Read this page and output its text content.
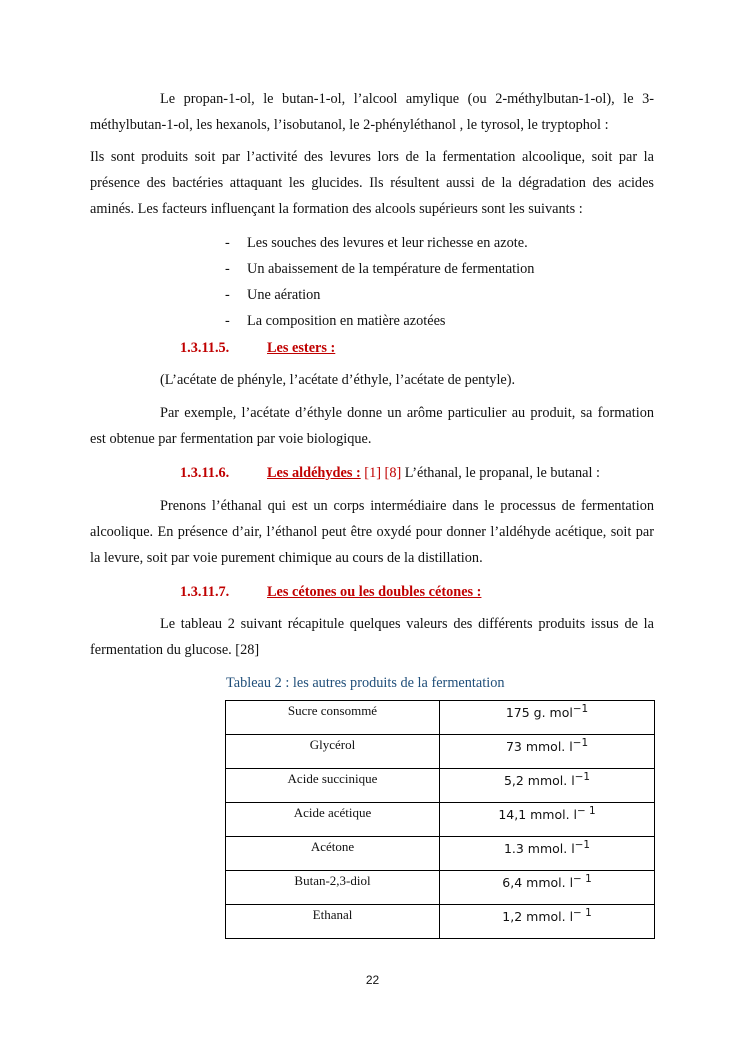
Le propan-1-ol, le butan-1-ol, l’alcool amylique (ou 2-méthylbutan-1-ol), le 3-méthylbutan-1-ol, les hexanols, l’isobutanol, le 2-phényléthanol , le tyrosol, le tryptophol :

Ils sont produits soit par l’activité des levures lors de la fermentation alcoolique, soit par la présence des bactéries attaquant les glucides. Ils résultent aussi de la dégradation des acides aminés. Les facteurs influençant la formation des alcools supérieurs sont les suivants :

- Les souches des levures et leur richesse en azote.
- Un abaissement de la température de fermentation
- Une aération
- La composition en matière azotées
1.3.11.5.	Les esters :

(L’acétate de phényle, l’acétate d’éthyle, l’acétate de pentyle).

Par exemple, l’acétate d’éthyle donne un arôme particulier au produit, sa formation est obtenue par fermentation par voie biologique.

1.3.11.6.	Les aldéhydes : [1] [8] L’éthanal, le propanal, le butanal :

Prenons l’éthanal qui est un corps intermédiaire dans le processus de fermentation alcoolique. En présence d’air, l’éthanol peut être oxydé pour donner l’aldéhyde acétique, soit par la levure, soit par voie purement chimique au cours de la distillation.

1.3.11.7.	Les cétones ou les doubles cétones :

Le tableau 2 suivant récapitule quelques valeurs des différents produits issus de la fermentation du glucose. [28]

Tableau 2 : les autres produits de la fermentation
Sucre consommé	175 g. mol$^{-1}$
Glycérol	73 mmol. $l^{-1}$
Acide succinique	5,2 mmol. $l^{-1}$
Acide acétique	14,1 mmol. $l^{- 1}$
Acétone	1.3 mmol. $l^{-1}$
Butan-2,3-diol	6,4 mmol. $l^{- 1}$
Ethanal	1,2 mmol. $l^{- 1}$
22
